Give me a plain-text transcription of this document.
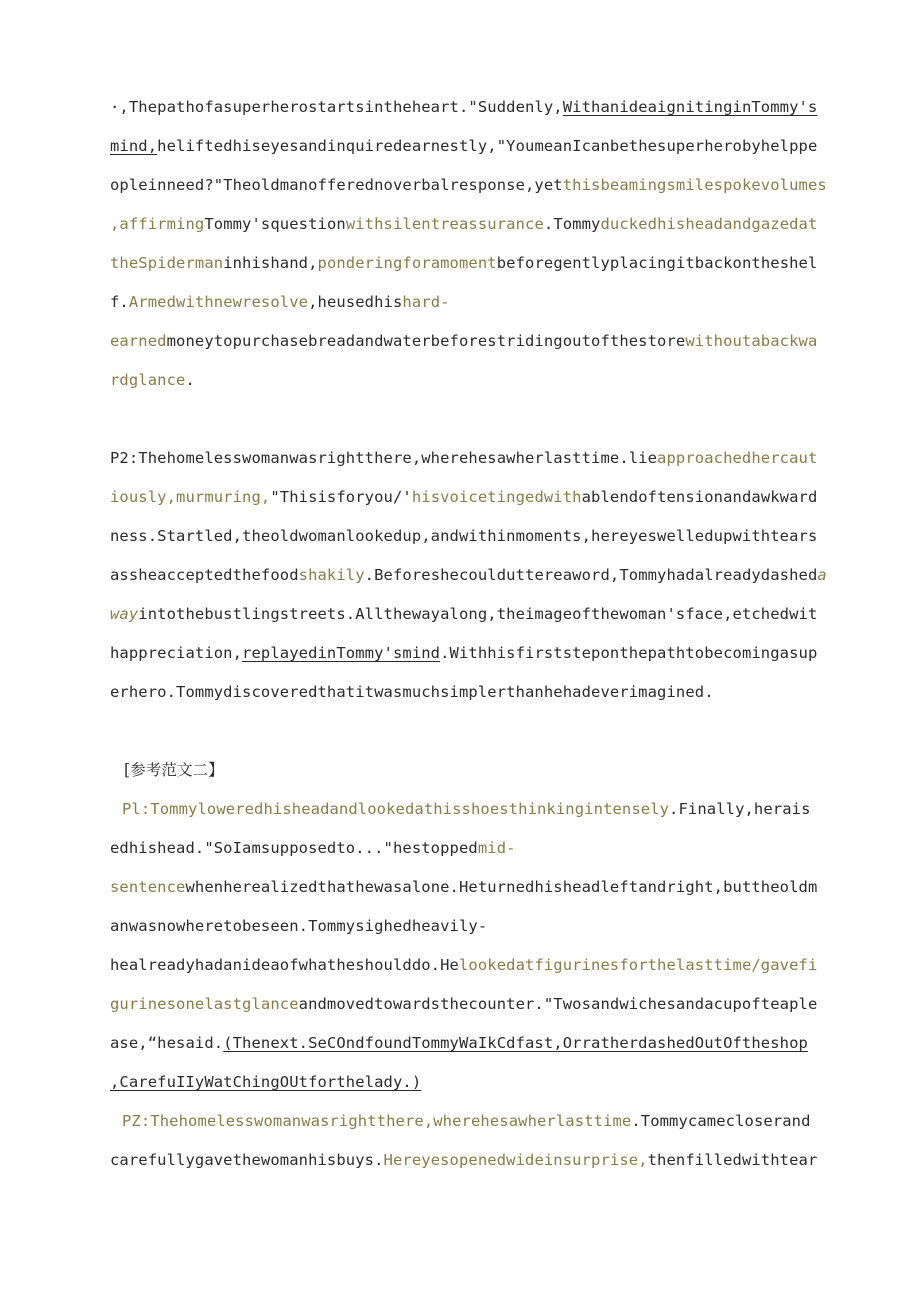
·,Thepathofasuperherostartsintheheart."Suddenly,WithanideaignitinginTommy's
mind,heliftedhiseyesandinquiredearnestly,"YoumeanIcanbethesuperherobyhelppe
opleinneed?"Theoldmanofferednoverbalresponse,yetthisbeamingsmilespokevolumes
,affirmingTommy'squestionwithsilentreassurance.Tommyduckedhisheadandgazedat
theSpidermaninhishand,ponderingforamomentbeforegentlyplacingitbackontheshel
f.Armedwithnewresolve,heusedhishard-
earnedmoneytopurchasebreadandwaterbeforestridingoutofthestorewithoutabackwa
rdglance.
P2:Thehomelesswomanwasrightthere,wherehesawherlasttime.lieapproachedhercaut
iously,murmuring,"Thisisforyou/'hisvoicetingedwithablendoftensionandawkward
ness.Startled,theoldwomanlookedup,andwithinmoments,hereyeswelledupwithtears
assheacceptedthefoodshakily.Beforeshecoulduttereaword,Tommyhadalreadydasheda
wayintothebustlingstreets.Allthewayalong,theimageofthewoman'sface,etchedwit
happreciation,replayedinTommy'smind.Withhisfirststeponthepathtobecomingasup
erhero.Tommydiscoveredthatitwasmuchsimplerthanhehadeverimagined.
[参考范文二】
Pl:Tommyloweredhisheadandlookedathisshoesthinkingintensely.Finally,herais
edhishead."SoIamsupposedto..."hestoppedmid-
sentencewhenherealizedthathewasalone.Heturnedhisheadleftandright,buttheoldm
anwasnowheretobeseen.Tommysighedheavily-
healreadyhadanideaofwhatheshoulddo.Helookedatfigurinesforthelasttime/gavefi
gurinesonelastglanceandmovedtowardsthecounter."Twosandwichesandacupofteaple
ase,“hesaid.(Thenext.SeCOndfoundTommyWaIkCdfast,OrratherdashedOutOftheshop
,CarefuIIyWatChingOUtforthelady.)
PZ:Thehomelesswomanwasrightthere,wherehesawherlasttime.Tommycamecloserand
carefullygavethewomanhisbuys.Hereyesopenedwideinsurprise,thenfilledwithtear
